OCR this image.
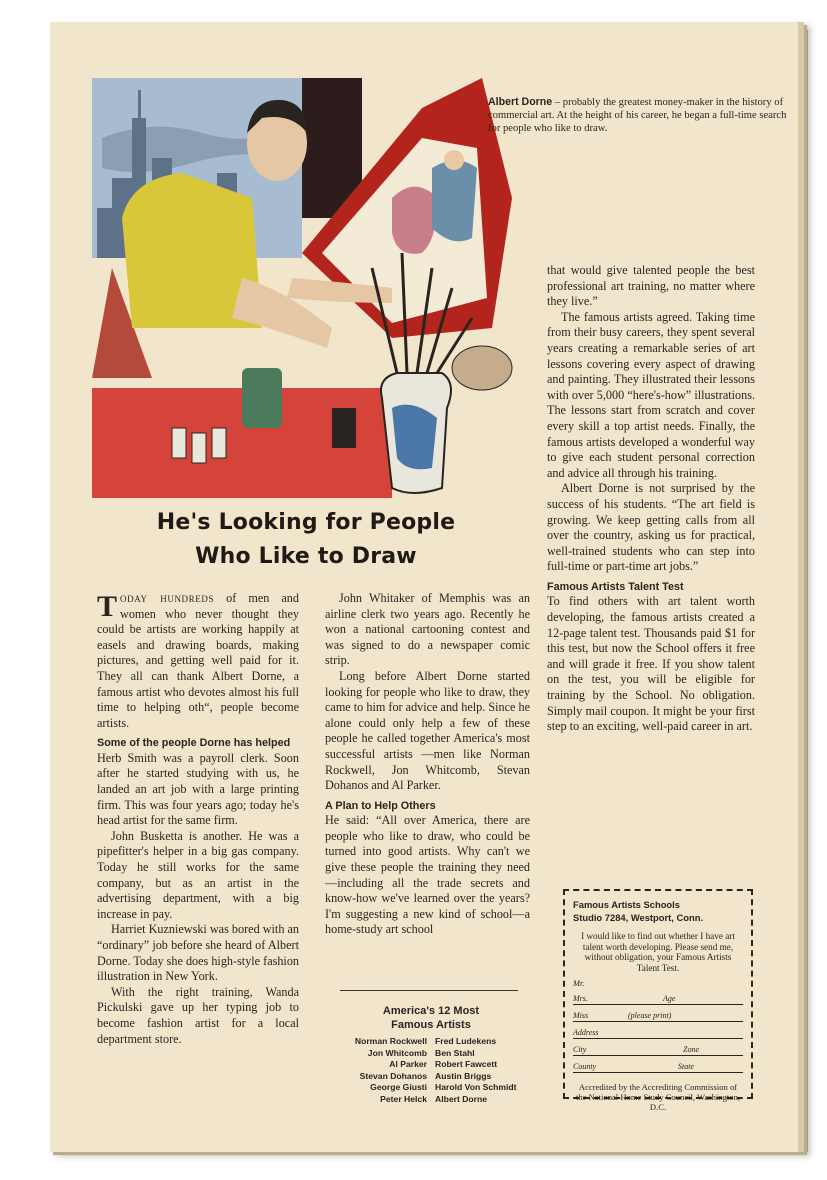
Albert Dorne – probably the greatest money-maker in the history of commercial art. At the height of his career, he began a full-time search for people who like to draw.
He's Looking for People
Who Like to Draw

Today hundreds of men and women who never thought they could be artists are working happily at easels and drawing boards, making pictures, and getting well paid for it. They all can thank Albert Dorne, a famous artist who devotes almost his full time to helping oth“, people become artists.

Some of the people Dorne has helped

Herb Smith was a payroll clerk. Soon after he started studying with us, he landed an art job with a large printing firm. This was four years ago; today he's head artist for the same firm.

John Busketta is another. He was a pipefitter's helper in a big gas company. Today he still works for the same company, but as an artist in the advertising department, with a big increase in pay.

Harriet Kuzniewski was bored with an “ordinary” job before she heard of Albert Dorne. Today she does high-style fashion illustration in New York.

With the right training, Wanda Pickulski gave up her typing job to become fashion artist for a local department store.

John Whitaker of Memphis was an airline clerk two years ago. Recently he won a national cartooning contest and was signed to do a newspaper comic strip.

Long before Albert Dorne started looking for people who like to draw, they came to him for advice and help. Since he alone could only help a few of these people he called together America's most successful artists —men like Norman Rockwell, Jon Whitcomb, Stevan Dohanos and Al Parker.

A Plan to Help Others

He said: “All over America, there are people who like to draw, who could be turned into good artists. Why can't we give these people the training they need—including all the trade secrets and know-how we've learned over the years? I'm suggesting a new kind of school—a home-study art school

America's 12 Most
Famous Artists
Norman Rockwell Fred Ludekens
Jon Whitcomb Ben Stahl
Al Parker Robert Fawcett
Stevan Dohanos Austin Briggs
George Giusti Harold Von Schmidt
Peter Helck Albert Dorne

that would give talented people the best professional art training, no matter where they live.”

The famous artists agreed. Taking time from their busy careers, they spent several years creating a remarkable series of art lessons covering every aspect of drawing and painting. They illustrated their lessons with over 5,000 “here's-how” illustrations. The lessons start from scratch and cover every skill a top artist needs. Finally, the famous artists developed a wonderful way to give each student personal correction and advice all through his training.

Albert Dorne is not surprised by the success of his students. “The art field is growing. We keep getting calls from all over the country, asking us for practical, well-trained students who can step into full-time or part-time art jobs.”

Famous Artists Talent Test

To find others with art talent worth developing, the famous artists created a 12-page talent test. Thousands paid $1 for this test, but now the School offers it free and will grade it free. If you show talent on the test, you will be eligible for training by the School. No obligation. Simply mail coupon. It might be your first step to an exciting, well-paid career in art.

Famous Artists Schools
Studio 7284, Westport, Conn.
I would like to find out whether I have art talent worth developing. Please send me, without obligation, your Famous Artists Talent Test.
Mr.
Mrs.	Age
Miss	(please print)
Address
City	Zone
County	State
Accredited by the Accrediting Commission of the National Home Study Council, Washington, D.C.
